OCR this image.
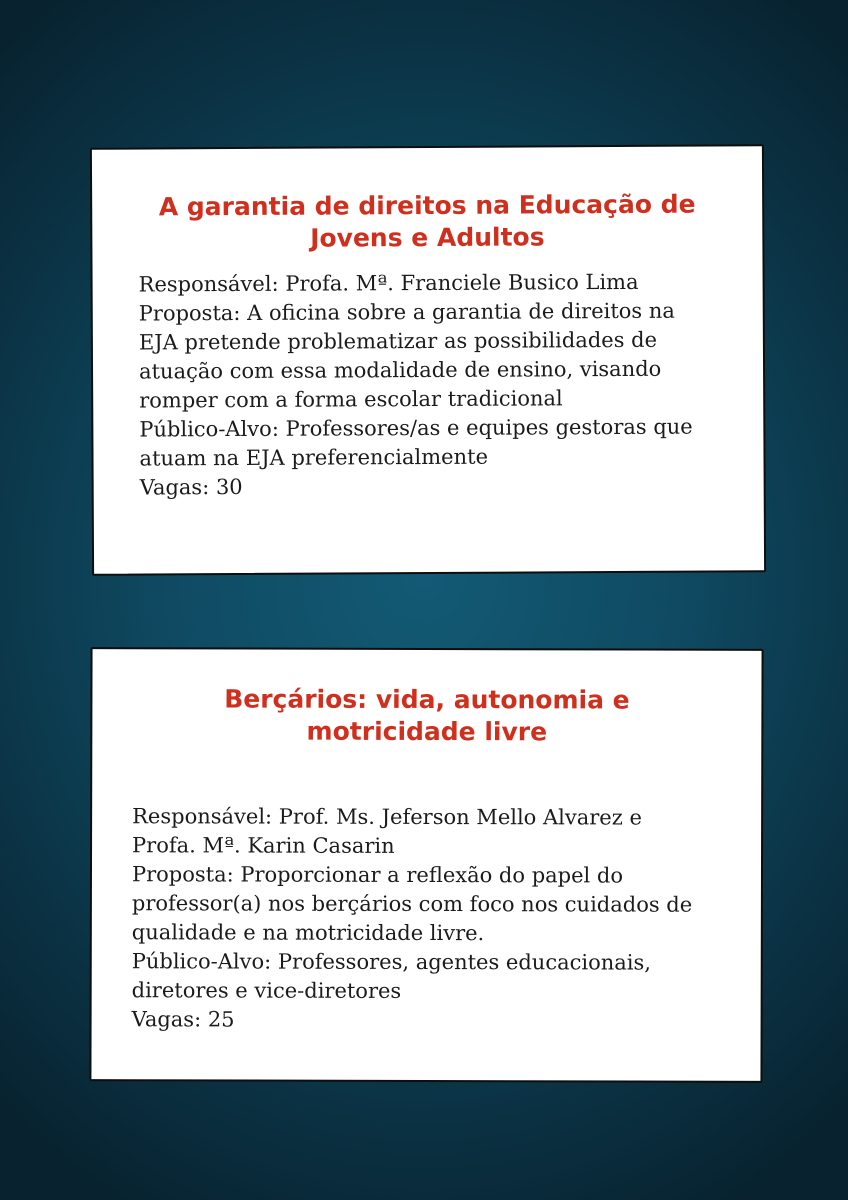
A garantia de direitos na Educação de
Jovens e Adultos
Responsável: Profa. Mª. Franciele Busico Lima
Proposta: A oficina sobre a garantia de direitos na
EJA pretende problematizar as possibilidades de
atuação com essa modalidade de ensino, visando
romper com a forma escolar tradicional
Público-Alvo: Professores/as e equipes gestoras que
atuam na EJA preferencialmente
Vagas: 30
Berçários: vida, autonomia e
motricidade livre
Responsável: Prof. Ms. Jeferson Mello Alvarez e
Profa. Mª. Karin Casarin
Proposta: Proporcionar a reflexão do papel do
professor(a) nos berçários com foco nos cuidados de
qualidade e na motricidade livre.
Público-Alvo: Professores, agentes educacionais,
diretores e vice-diretores
Vagas: 25
